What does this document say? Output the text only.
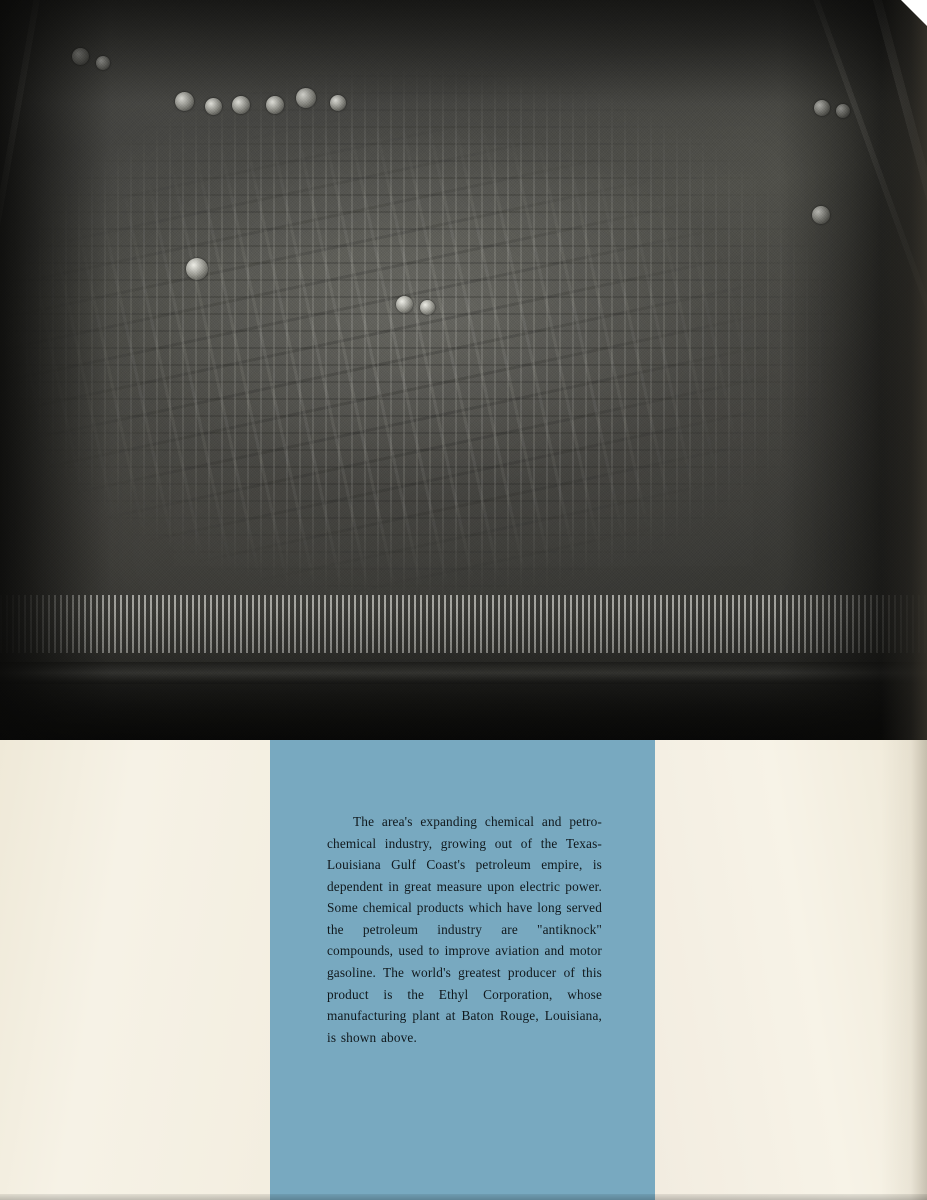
The area's expanding chemical and petro-chemical industry, growing out of the Texas-Louisiana Gulf Coast's petroleum empire, is dependent in great measure upon electric power. Some chemical products which have long served the petroleum industry are "antiknock" compounds, used to improve aviation and motor gasoline. The world's greatest producer of this product is the Ethyl Corporation, whose manufacturing plant at Baton Rouge, Louisiana, is shown above.
